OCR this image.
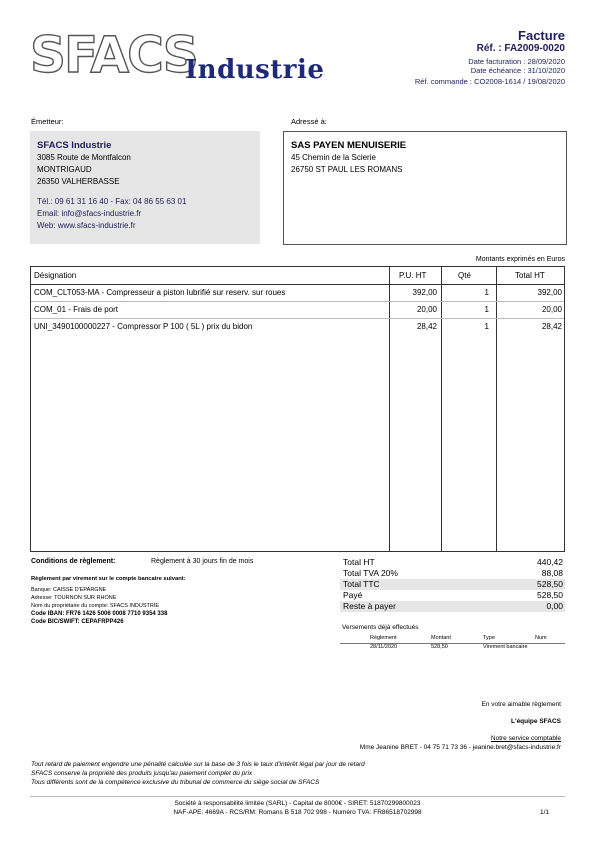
SFACS
Industrie
Facture
Réf. : FA2009-0020
Date facturation : 28/09/2020
Date échéance : 31/10/2020
Réf. commande : CO2008-1614 / 19/08/2020
Émetteur:
SFACS Industrie
3085 Route de Montfalcon
MONTRIGAUD
26350 VALHERBASSE
Tél.: 09 61 31 16 40 - Fax: 04 86 55 63 01
Email: info@sfacs-industrie.fr
Web: www.sfacs-industrie.fr
Adressé à:
SAS PAYEN MENUISERIE
45 Chemin de la Scierie
26750 ST PAUL LES ROMANS
Montants exprimés en Euros
Désignation	P.U. HT	Qté	Total HT
COM_CLT053-MA - Compresseur a piston lubrifié sur reserv. sur roues	392,00	1	392,00
COM_01 - Frais de port	20,00	1	20,00
UNI_3490100000227 - Compressor P 100 ( 5L ) prix du bidon	28,42	1	28,42
Conditions de règlement:	Règlement à 30 jours fin de mois
Règlement par virement sur le compte bancaire suivant:
Banque: CAISSE D'EPARGNE
Adresse: TOURNON SUR RHONE
Nom du propriétaire du compte: SFACS INDUSTRIE
Code IBAN: FR76 1426 5006 0008 7710 9354 338
Code BIC/SWIFT: CEPAFRPP426
Total HT	440,42
Total TVA 20%	88,08
Total TTC	528,50
Payé	528,50
Reste à payer	0,00
Versements déjà effectués
Règlement	Montant	Type	Num
28/11/2020	528,50	Virement bancaire
En votre aimable règlement
L'équipe SFACS
Notre service comptable
Mme Jeanine BRET - 04 75 71 73 36 - jeanine.bret@sfacs-industrie.fr
Tout retard de paiement engendre une pénalité calculée sur la base de 3 fois le taux d'intérêt légal par jour de retard
SFACS conserve la propriété des produits jusqu'au paiement complet du prix
Tous différents sont de la compétence exclusive du tribunal de commerce du siège social de SFACS
Société à responsabilité limitée (SARL) - Capital de 8000€ - SIRET: 51870299800023
NAF-APE: 4669A - RCS/RM: Romans B 518 702 998 - Numéro TVA: FR86518702998	1/1
